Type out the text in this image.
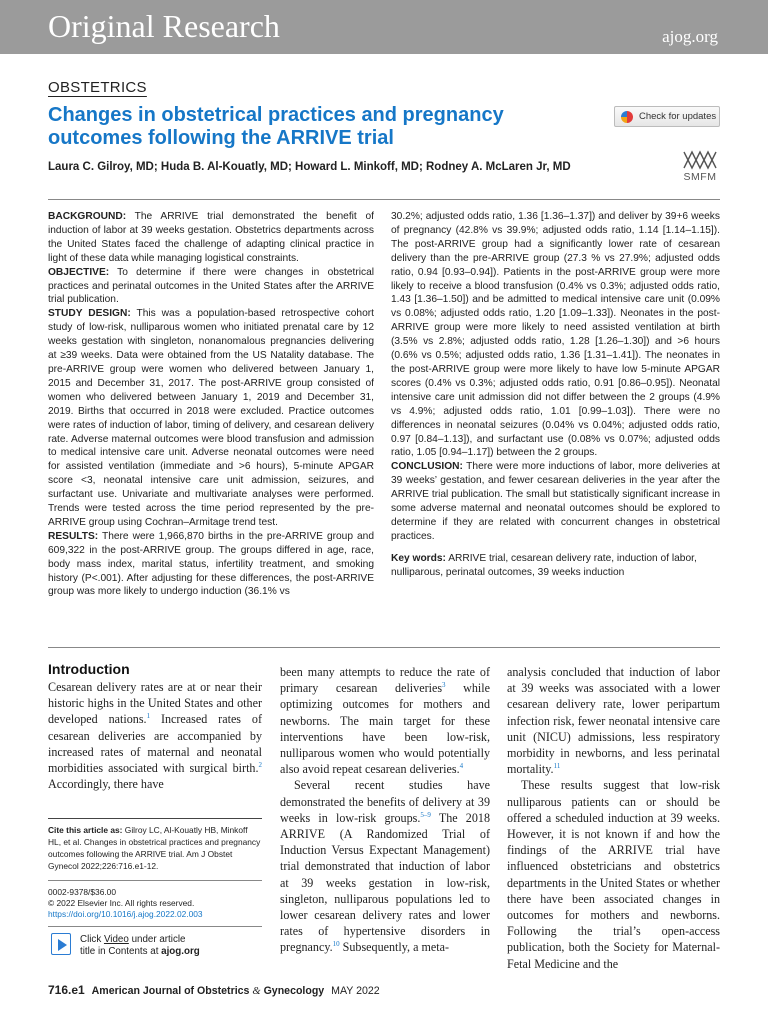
Original Research	ajog.org
OBSTETRICS
Changes in obstetrical practices and pregnancy outcomes following the ARRIVE trial
Laura C. Gilroy, MD; Huda B. Al-Kouatly, MD; Howard L. Minkoff, MD; Rodney A. McLaren Jr, MD
Check for updates
SMFM

BACKGROUND: The ARRIVE trial demonstrated the benefit of induction of labor at 39 weeks gestation. Obstetrics departments across the United States faced the challenge of adapting clinical practice in light of these data while managing logistical constraints.

OBJECTIVE: To determine if there were changes in obstetrical practices and perinatal outcomes in the United States after the ARRIVE trial publication.

STUDY DESIGN: This was a population-based retrospective cohort study of low-risk, nulliparous women who initiated prenatal care by 12 weeks gestation with singleton, nonanomalous pregnancies delivering at ≥39 weeks. Data were obtained from the US Natality database. The pre-ARRIVE group were women who delivered between January 1, 2015 and December 31, 2017. The post-ARRIVE group consisted of women who delivered between January 1, 2019 and December 31, 2019. Births that occurred in 2018 were excluded. Practice outcomes were rates of induction of labor, timing of delivery, and cesarean delivery rate. Adverse maternal outcomes were blood transfusion and admission to medical intensive care unit. Adverse neonatal outcomes were need for assisted ventilation (immediate and >6 hours), 5-minute APGAR score <3, neonatal intensive care unit admission, seizures, and surfactant use. Univariate and multivariate analyses were performed. Trends were tested across the time period represented by the pre-ARRIVE group using Cochran–Armitage trend test.

RESULTS: There were 1,966,870 births in the pre-ARRIVE group and 609,322 in the post-ARRIVE group. The groups differed in age, race, body mass index, marital status, infertility treatment, and smoking history (P<.001). After adjusting for these differences, the post-ARRIVE group was more likely to undergo induction (36.1% vs

30.2%; adjusted odds ratio, 1.36 [1.36–1.37]) and deliver by 39+6 weeks of pregnancy (42.8% vs 39.9%; adjusted odds ratio, 1.14 [1.14–1.15]). The post-ARRIVE group had a significantly lower rate of cesarean delivery than the pre-ARRIVE group (27.3 % vs 27.9%; adjusted odds ratio, 0.94 [0.93–0.94]). Patients in the post-ARRIVE group were more likely to receive a blood transfusion (0.4% vs 0.3%; adjusted odds ratio, 1.43 [1.36–1.50]) and be admitted to medical intensive care unit (0.09% vs 0.08%; adjusted odds ratio, 1.20 [1.09–1.33]). Neonates in the post-ARRIVE group were more likely to need assisted ventilation at birth (3.5% vs 2.8%; adjusted odds ratio, 1.28 [1.26–1.30]) and >6 hours (0.6% vs 0.5%; adjusted odds ratio, 1.36 [1.31–1.41]). The neonates in the post-ARRIVE group were more likely to have low 5-minute APGAR scores (0.4% vs 0.3%; adjusted odds ratio, 0.91 [0.86–0.95]). Neonatal intensive care unit admission did not differ between the 2 groups (4.9% vs 4.9%; adjusted odds ratio, 1.01 [0.99–1.03]). There were no differences in neonatal seizures (0.04% vs 0.04%; adjusted odds ratio, 0.97 [0.84–1.13]), and surfactant use (0.08% vs 0.07%; adjusted odds ratio, 1.05 [0.94–1.17]) between the 2 groups.

CONCLUSION: There were more inductions of labor, more deliveries at 39 weeks’ gestation, and fewer cesarean deliveries in the year after the ARRIVE trial publication. The small but statistically significant increase in some adverse maternal and neonatal outcomes should be explored to determine if they are related with concurrent changes in obstetrical practices.

Key words: ARRIVE trial, cesarean delivery rate, induction of labor, nulliparous, perinatal outcomes, 39 weeks induction

Introduction

Cesarean delivery rates are at or near their historic highs in the United States and other developed nations.$^1$ Increased rates of cesarean deliveries are accompanied by increased rates of maternal and neonatal morbidities associated with surgical birth.$^2$ Accordingly, there have

been many attempts to reduce the rate of primary cesarean deliveries$^3$ while optimizing outcomes for mothers and newborns. The main target for these interventions have been low-risk, nulliparous women who would potentially also avoid repeat cesarean deliveries.$^4$

Several recent studies have demonstrated the benefits of delivery at 39 weeks in low-risk groups.$^{5-9}$ The 2018 ARRIVE (A Randomized Trial of Induction Versus Expectant Management) trial demonstrated that induction of labor at 39 weeks gestation in low-risk, singleton, nulliparous populations led to lower cesarean delivery rates and lower rates of hypertensive disorders in pregnancy.$^{10}$ Subsequently, a meta-

analysis concluded that induction of labor at 39 weeks was associated with a lower cesarean delivery rate, lower peripartum infection risk, fewer neonatal intensive care unit (NICU) admissions, less respiratory morbidity in newborns, and less perinatal mortality.$^{11}$

These results suggest that low-risk nulliparous patients can or should be offered a scheduled induction at 39 weeks. However, it is not known if and how the findings of the ARRIVE trial have influenced obstetricians and obstetrics departments in the United States or whether there have been associated changes in outcomes for mothers and newborns. Following the trial’s open-access publication, both the Society for Maternal-Fetal Medicine and the

Cite this article as: Gilroy LC, Al-Kouatly HB, Minkoff HL, et al. Changes in obstetrical practices and pregnancy outcomes following the ARRIVE trial. Am J Obstet Gynecol 2022;226:716.e1-12.
0002-9378/$36.00
© 2022 Elsevier Inc. All rights reserved.
https://doi.org/10.1016/j.ajog.2022.02.003
Click Video under article
title in Contents at ajog.org
716.e1 American Journal of Obstetrics & Gynecology MAY 2022
